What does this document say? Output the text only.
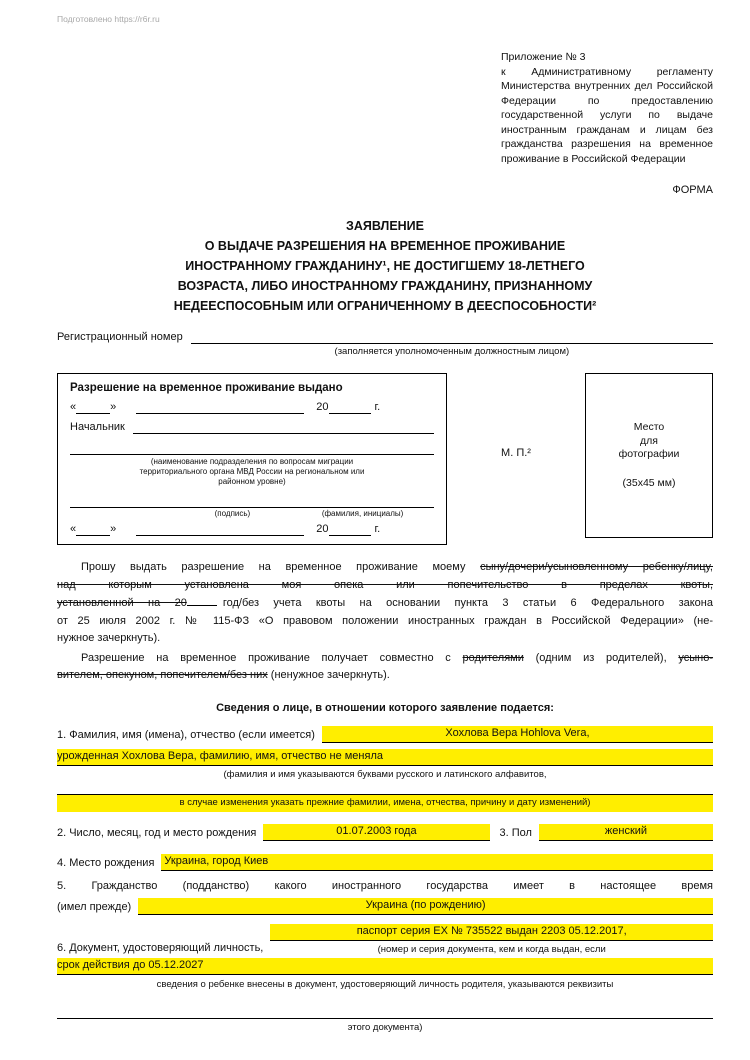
Подготовлено https://r6r.ru
Приложение № 3
к Административному регламенту
Министерства внутренних дел Российской
Федерации по предоставлению
государственной услуги по выдаче
иностранным гражданам и лицам без
гражданства разрешения на временное
проживание в Российской Федерации
ФОРМА
ЗАЯВЛЕНИЕ
О ВЫДАЧЕ РАЗРЕШЕНИЯ НА ВРЕМЕННОЕ ПРОЖИВАНИЕ
ИНОСТРАННОМУ ГРАЖДАНИНУ¹, НЕ ДОСТИГШЕМУ 18-ЛЕТНЕГО
ВОЗРАСТА, ЛИБО ИНОСТРАННОМУ ГРАЖДАНИНУ, ПРИЗНАННОМУ
НЕДЕЕСПОСОБНЫМ ИЛИ ОГРАНИЧЕННОМУ В ДЕЕСПОСОБНОСТИ²
Регистрационный номер
(заполняется уполномоченным должностным лицом)
Разрешение на временное проживание выдано
«	»	20	г.
Начальник
(наименование подразделения по вопросам миграции
территориального органа МВД России на региональном или
районном уровне)
(подпись)	(фамилия, инициалы)
«	»	20	г.
М. П.²
Место
для
фотографии
(35х45 мм)
Прошу выдать разрешение на временное проживание моему сыну/дочери/усыновленному ребенку/лицу,
над которым установлена моя опека или попечительство в пределах квоты,
установленной на 20	год/без учета квоты на основании пункта 3 статьи 6 Федерального закона
от 25 июля 2002 г. № 115-ФЗ «О правовом положении иностранных граждан в Российской Федерации» (не-
нужное зачеркнуть).
Разрешение на временное проживание получает совместно с родителями (одним из родителей), усыно-
вителем, опекуном, попечителем/без них (ненужное зачеркнуть).
Сведения о лице, в отношении которого заявление подается:
1. Фамилия, имя (имена), отчество (если имеется)	Хохлова Вера Hohlova Vera,
урожденная Хохлова Вера, фамилию, имя, отчество не меняла
(фамилия и имя указываются буквами русского и латинского алфавитов,
в случае изменения указать прежние фамилии, имена, отчества, причину и дату изменений)
2. Число, месяц, год и место рождения	01.07.2003 года	3. Пол	женский
4. Место рождения Украина, город Киев
5. Гражданство (подданство) какого иностранного государства имеет в настоящее время
(имел прежде)	Украина (по рождению)
6. Документ, удостоверяющий личность,
паспорт серия ЕХ № 735522 выдан 2203 05.12.2017,
(номер и серия документа, кем и когда выдан, если
срок действия до 05.12.2027
сведения о ребенке внесены в документ, удостоверяющий личность родителя, указываются реквизиты
этого документа)
